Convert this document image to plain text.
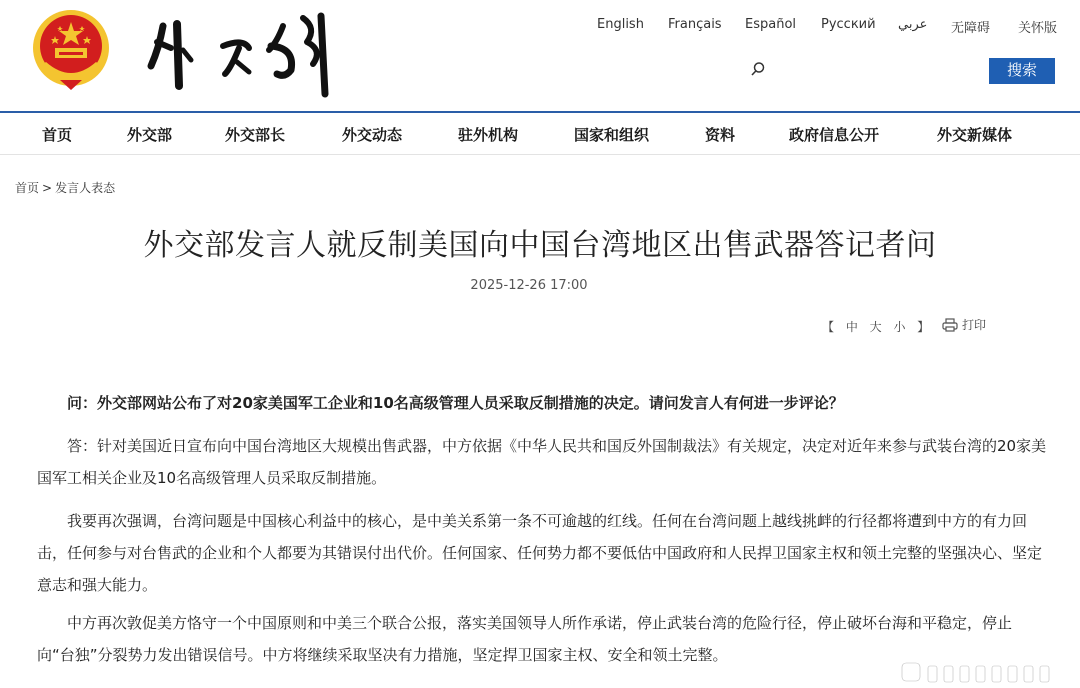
English Français Español Русский عربي 无障碍 关怀版
搜索
首页	外交部	外交部长	外交动态	驻外机构	国家和组织	资料	政府信息公开	外交新媒体
首页 > 发言人表态
外交部发言人就反制美国向中国台湾地区出售武器答记者问
2025-12-26 17:00
【 中 大 小 】	打印

问：外交部网站公布了对20家美国军工企业和10名高级管理人员采取反制措施的决定。请问发言人有何进一步评论？

答：针对美国近日宣布向中国台湾地区大规模出售武器，中方依据《中华人民共和国反外国制裁法》有关规定，决定对近年来参与武装台湾的20家美国军工相关企业及10名高级管理人员采取反制措施。

我要再次强调，台湾问题是中国核心利益中的核心，是中美关系第一条不可逾越的红线。任何在台湾问题上越线挑衅的行径都将遭到中方的有力回击，任何参与对台售武的企业和个人都要为其错误付出代价。任何国家、任何势力都不要低估中国政府和人民捍卫国家主权和领土完整的坚强决心、坚定意志和强大能力。

中方再次敦促美方恪守一个中国原则和中美三个联合公报，落实美国领导人所作承诺，停止武装台湾的危险行径，停止破坏台海和平稳定，停止向“台独”分裂势力发出错误信号。中方将继续采取坚决有力措施，坚定捍卫国家主权、安全和领土完整。
